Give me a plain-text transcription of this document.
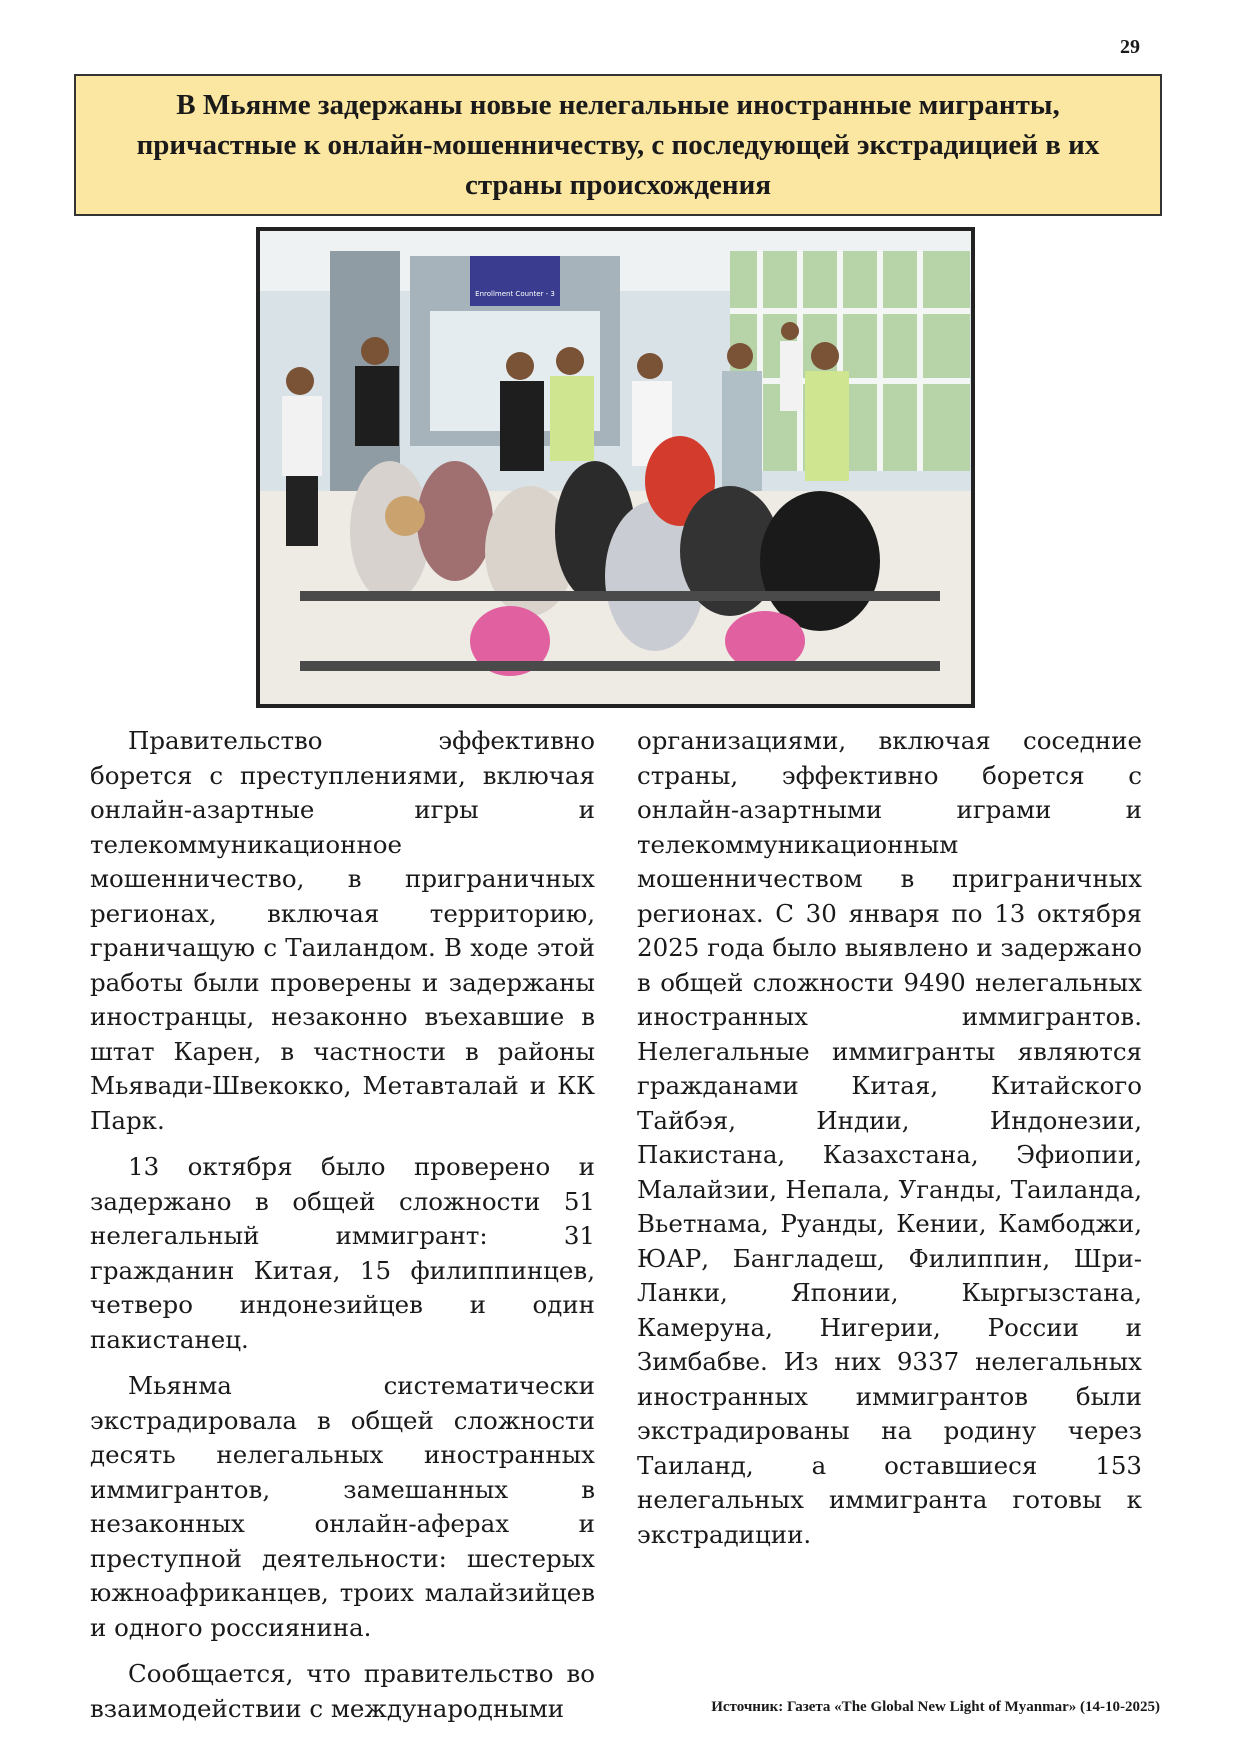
29
В Мьянме задержаны новые нелегальные иностранные мигранты, причастные к онлайн-мошенничеству, с последующей экстрадицией в их страны происхождения
Enrollment Counter - 3

Правительство эффективно борется с преступлениями, включая онлайн-азартные игры и телекоммуникационное мошенничество, в приграничных регионах, включая территорию, граничащую с Таиландом. В ходе этой работы были проверены и задержаны иностранцы, незаконно въехавшие в штат Карен, в частности в районы Мьявади-Швекокко, Метавталай и КК Парк.

13 октября было проверено и задержано в общей сложности 51 нелегальный иммигрант: 31 гражданин Китая, 15 филиппинцев, четверо индонезийцев и один пакистанец.

Мьянма систематически экстрадировала в общей сложности десять нелегальных иностранных иммигрантов, замешанных в незаконных онлайн-аферах и преступной деятельности: шестерых южноафриканцев, троих малайзийцев и одного россиянина.

Сообщается, что правительство во взаимодействии с международными

организациями, включая соседние страны, эффективно борется с онлайн-азартными играми и телекоммуникационным мошенничеством в приграничных регионах. С 30 января по 13 октября 2025 года было выявлено и задержано в общей сложности 9490 нелегальных иностранных иммигрантов. Нелегальные иммигранты являются гражданами Китая, Китайского Тайбэя, Индии, Индонезии, Пакистана, Казахстана, Эфиопии, Малайзии, Непала, Уганды, Таиланда, Вьетнама, Руанды, Кении, Камбоджи, ЮАР, Бангладеш, Филиппин, Шри-Ланки, Японии, Кыргызстана, Камеруна, Нигерии, России и Зимбабве. Из них 9337 нелегальных иностранных иммигрантов были экстрадированы на родину через Таиланд, а оставшиеся 153 нелегальных иммигранта готовы к экстрадиции.

Источник: Газета «The Global New Light of Myanmar» (14-10-2025)
